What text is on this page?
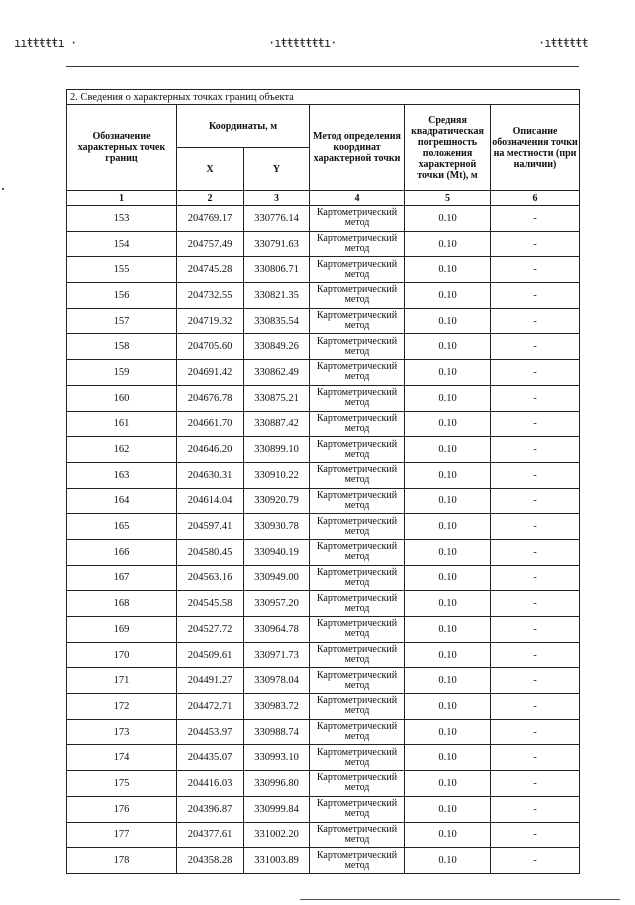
ııŧŧŧŧŧı ·	·ıŧŧŧŧŧŧŧı·	·ıŧŧŧŧŧŧ
2. Сведения о характерных точках границ объекта					
Обозначение характерных точек границ	Координаты, м		Метод определения координат характерной точки	Средняя квадратическая погрешность положения характерной точки (Mt), м	Описание обозначения точки на местности (при наличии)
	X	Y			
1	2	3	4	5	6
153	204769.17	330776.14	Картометрический метод	0.10	-
154	204757.49	330791.63	Картометрический метод	0.10	-
155	204745.28	330806.71	Картометрический метод	0.10	-
156	204732.55	330821.35	Картометрический метод	0.10	-
157	204719.32	330835.54	Картометрический метод	0.10	-
158	204705.60	330849.26	Картометрический метод	0.10	-
159	204691.42	330862.49	Картометрический метод	0.10	-
160	204676.78	330875.21	Картометрический метод	0.10	-
161	204661.70	330887.42	Картометрический метод	0.10	-
162	204646.20	330899.10	Картометрический метод	0.10	-
163	204630.31	330910.22	Картометрический метод	0.10	-
164	204614.04	330920.79	Картометрический метод	0.10	-
165	204597.41	330930.78	Картометрический метод	0.10	-
166	204580.45	330940.19	Картометрический метод	0.10	-
167	204563.16	330949.00	Картометрический метод	0.10	-
168	204545.58	330957.20	Картометрический метод	0.10	-
169	204527.72	330964.78	Картометрический метод	0.10	-
170	204509.61	330971.73	Картометрический метод	0.10	-
171	204491.27	330978.04	Картометрический метод	0.10	-
172	204472.71	330983.72	Картометрический метод	0.10	-
173	204453.97	330988.74	Картометрический метод	0.10	-
174	204435.07	330993.10	Картометрический метод	0.10	-
175	204416.03	330996.80	Картометрический метод	0.10	-
176	204396.87	330999.84	Картометрический метод	0.10	-
177	204377.61	331002.20	Картометрический метод	0.10	-
178	204358.28	331003.89	Картометрический метод	0.10	-
